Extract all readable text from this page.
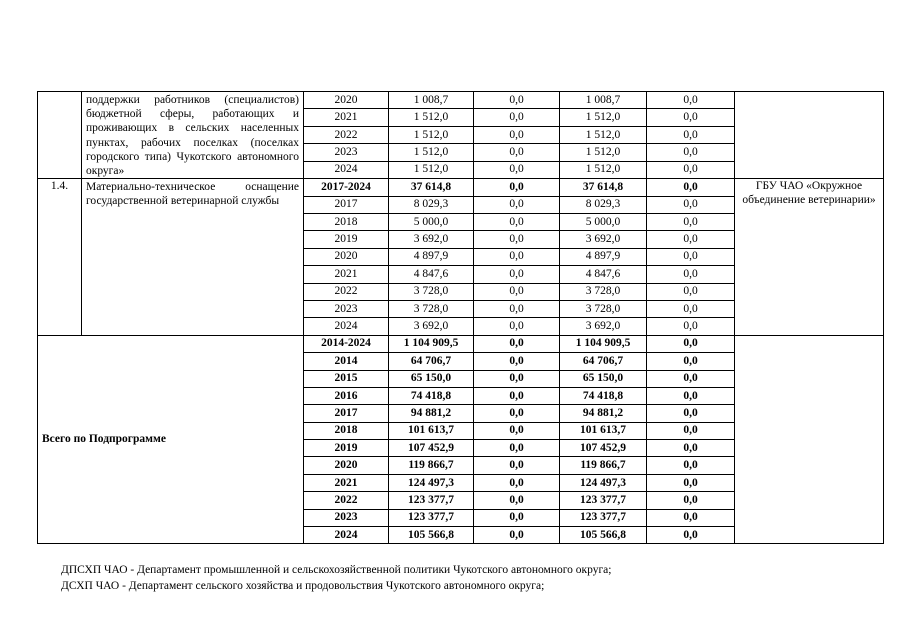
	поддержки работников (специалистов) бюджетной сферы, работающих и проживающих в сельских населенных пунктах, рабочих поселках (поселках городского типа) Чукотского автономного округа»	2020	1 008,7	0,0	1 008,7	0,0	
		2021	1 512,0	0,0	1 512,0	0,0	
		2022	1 512,0	0,0	1 512,0	0,0	
		2023	1 512,0	0,0	1 512,0	0,0	
		2024	1 512,0	0,0	1 512,0	0,0	
1.4.	Материально-техническое оснащение государственной ветеринарной службы	2017-2024	37 614,8	0,0	37 614,8	0,0	ГБУ ЧАО «Окружное объединение ветеринарии»
		2017	8 029,3	0,0	8 029,3	0,0	
		2018	5 000,0	0,0	5 000,0	0,0	
		2019	3 692,0	0,0	3 692,0	0,0	
		2020	4 897,9	0,0	4 897,9	0,0	
		2021	4 847,6	0,0	4 847,6	0,0	
		2022	3 728,0	0,0	3 728,0	0,0	
		2023	3 728,0	0,0	3 728,0	0,0	
		2024	3 692,0	0,0	3 692,0	0,0	
Всего по Подпрограмме		2014-2024	1 104 909,5	0,0	1 104 909,5	0,0	
		2014	64 706,7	0,0	64 706,7	0,0	
		2015	65 150,0	0,0	65 150,0	0,0	
		2016	74 418,8	0,0	74 418,8	0,0	
		2017	94 881,2	0,0	94 881,2	0,0	
		2018	101 613,7	0,0	101 613,7	0,0	
		2019	107 452,9	0,0	107 452,9	0,0	
		2020	119 866,7	0,0	119 866,7	0,0	
		2021	124 497,3	0,0	124 497,3	0,0	
		2022	123 377,7	0,0	123 377,7	0,0	
		2023	123 377,7	0,0	123 377,7	0,0	
		2024	105 566,8	0,0	105 566,8	0,0	
ДПСХП ЧАО - Департамент промышленной и сельскохозяйственной политики Чукотского автономного округа;
ДСХП ЧАО - Департамент сельского хозяйства и продовольствия Чукотского автономного округа;
